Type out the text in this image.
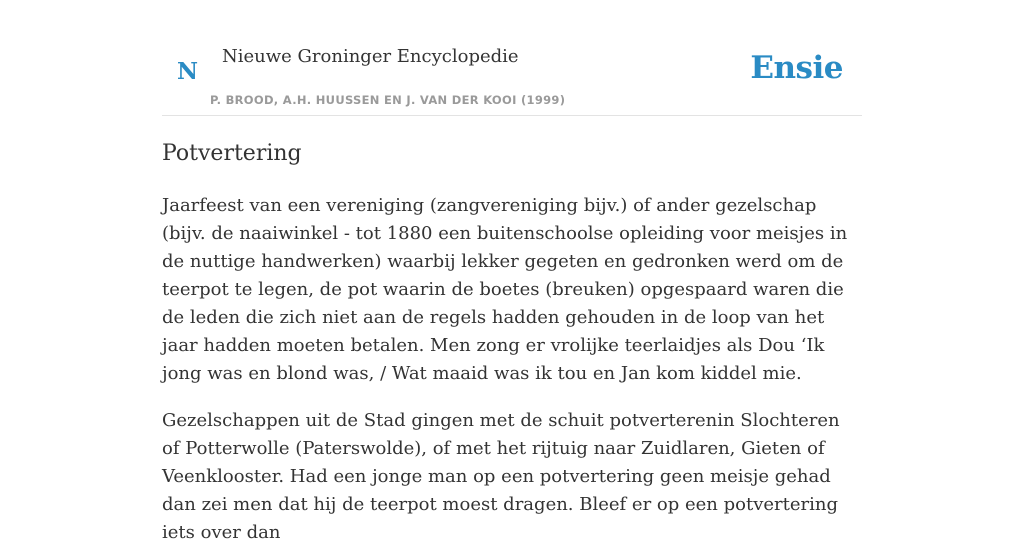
N
Nieuwe Groninger Encyclopedie
P. BROOD, A.H. HUUSSEN EN J. VAN DER KOOI (1999)
Ensie
Potvertering

Jaarfeest van een vereniging (zangvereniging bijv.) of ander gezelschap (bijv. de naaiwinkel - tot 1880 een buitenschoolse opleiding voor meisjes in de nuttige handwerken) waarbij lekker gegeten en gedronken werd om de teerpot te legen, de pot waarin de boetes (breuken) opgespaard waren die de leden die zich niet aan de regels hadden gehouden in de loop van het jaar hadden moeten betalen. Men zong er vrolijke teerlaidjes als Dou ‘Ik jong was en blond was, / Wat maaid was ik tou en Jan kom kiddel mie.

Gezelschappen uit de Stad gingen met de schuit potverterenin Slochteren of Potterwolle (Paterswolde), of met het rijtuig naar Zuidlaren, Gieten of Veenklooster. Had een jonge man op een potvertering geen meisje gehad dan zei men dat hij de teerpot moest dragen. Bleef er op een potvertering iets over dan
